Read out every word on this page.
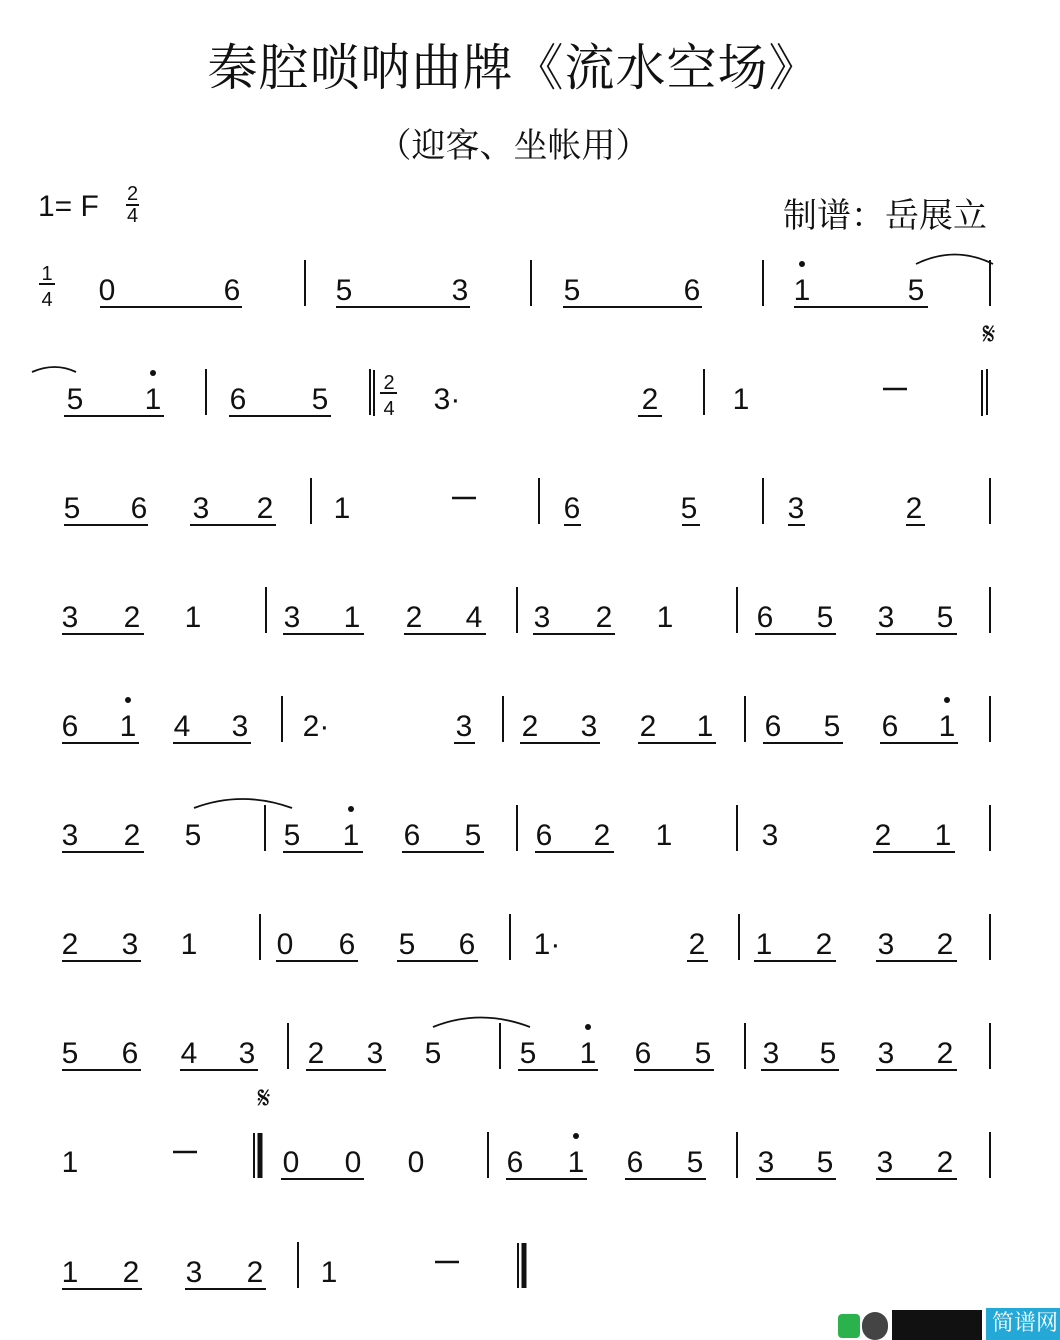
秦腔唢呐曲牌《流水空场》
（迎客、坐帐用）
1= F $\frac{2}{4}$	制谱：岳展立
0	6	5	3	5	6	1	5
5 1 6 5	3·	2 1
5 6 3 2 1	6	5	3	2
3 2 1	3 1 2 4 3 2 1	6 5 3 5
6 1 4 3 2·	3 2 3 2 1 6 5 6 1
3 2 5	5 1 6 5 6 2 1	3	2 1
2 3 1	0 6 5 6 1·	2 1 2 3 2
5 6 4 3 2 3 5	5 1 6 5 3 5 3 2
1	0 0 0	6 1 6 5 3 5 3 2
1 2 3 2 1
1
4
2
4
𝄋
𝄋
简谱网
